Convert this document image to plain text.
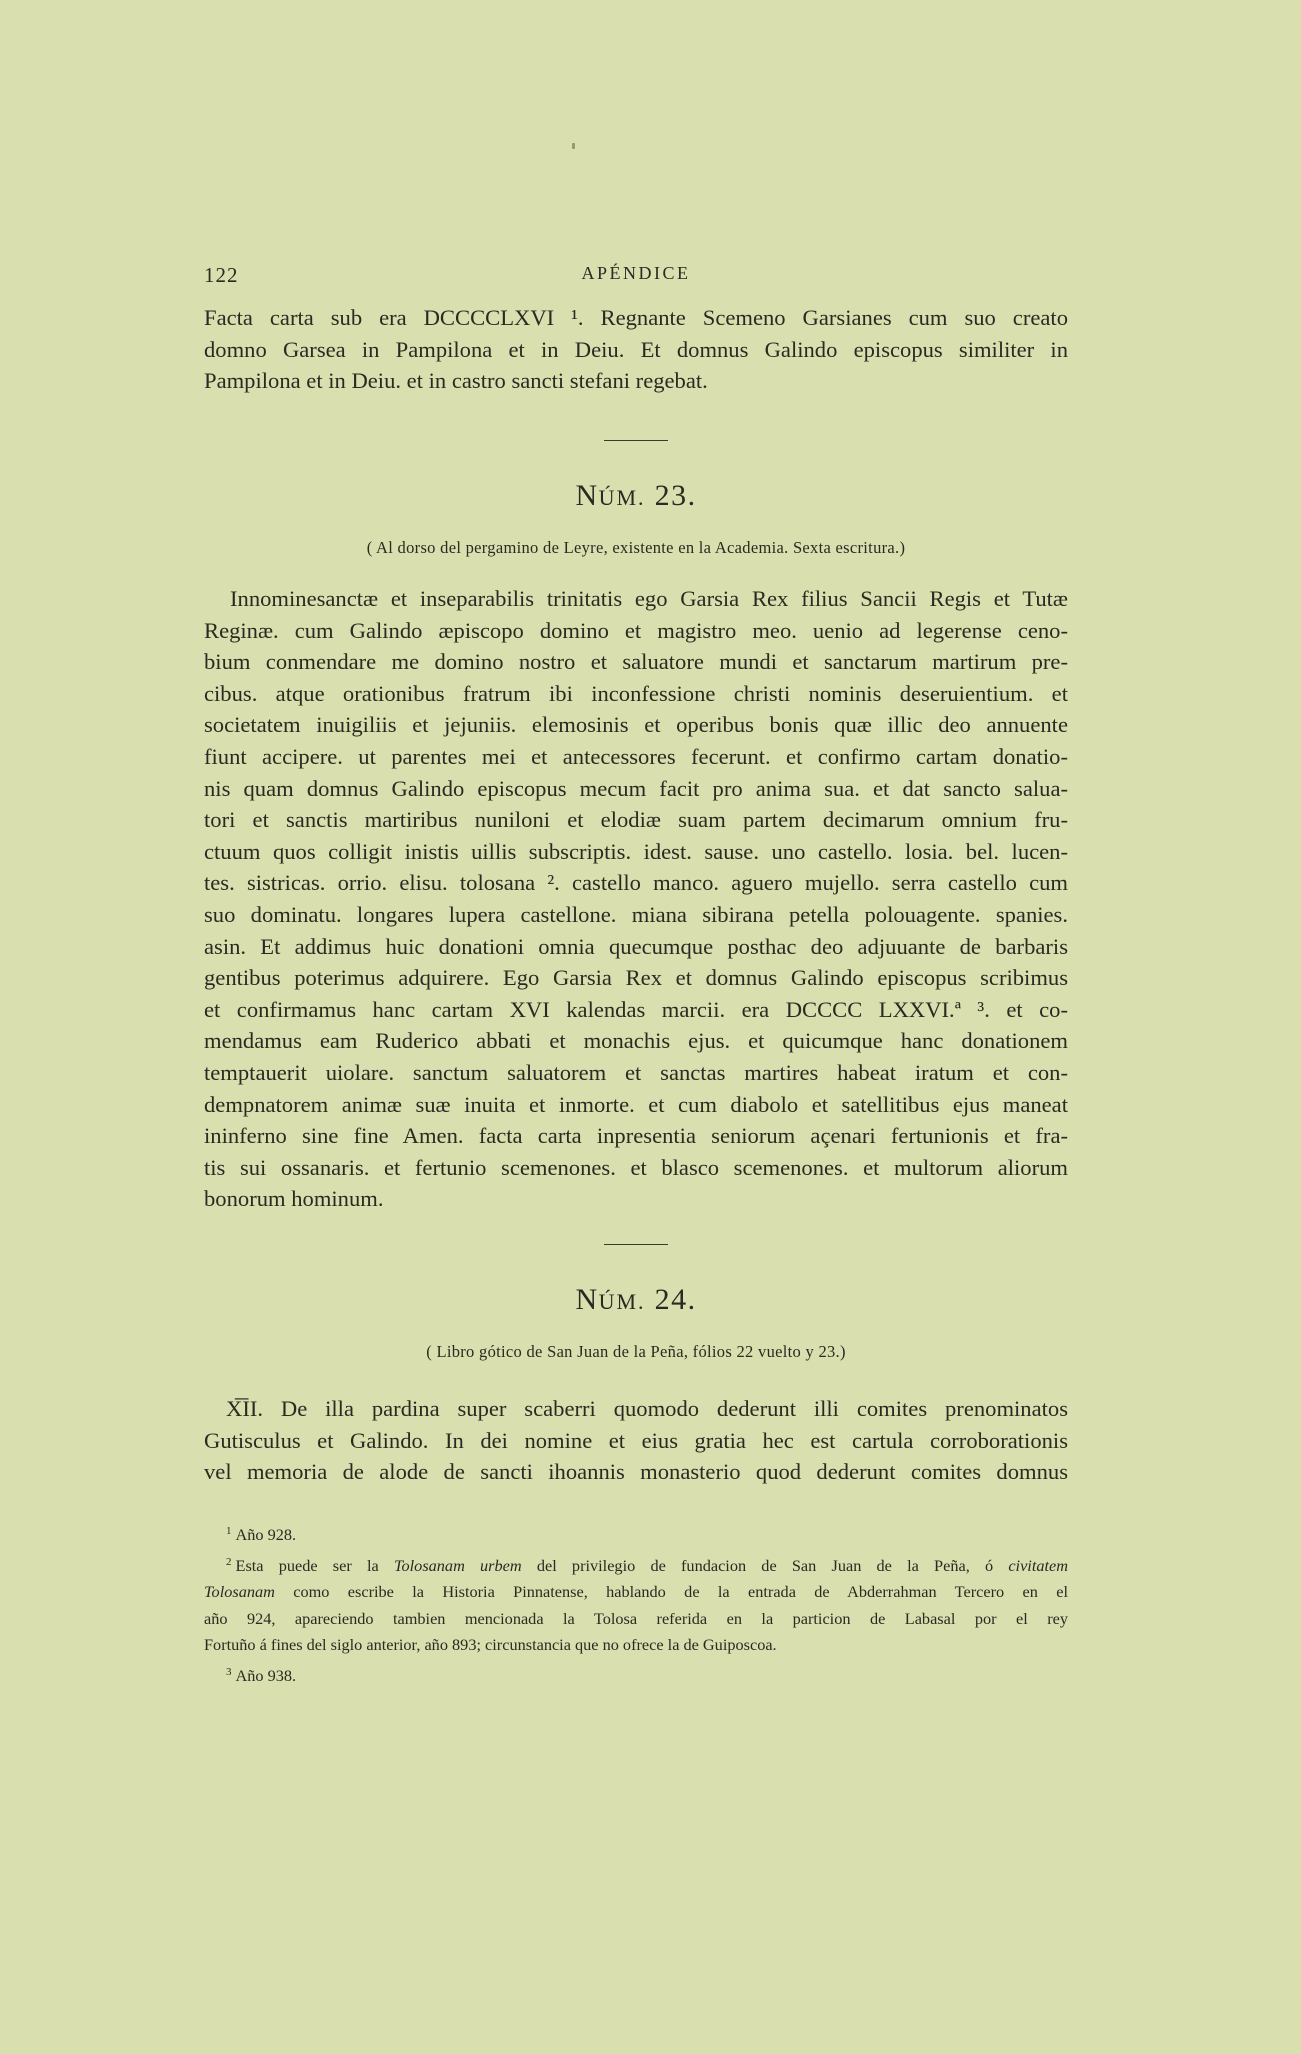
122	APÉNDICE

Facta carta sub era DCCCCLXVI ¹. Regnante Scemeno Garsianes cum suo creato
domno Garsea in Pampilona et in Deiu. Et domnus Galindo episcopus similiter in
Pampilona et in Deiu. et in castro sancti stefani regebat.

NÚM. 23.
( Al dorso del pergamino de Leyre, existente en la Academia. Sexta escritura.)

Innominesanctæ et inseparabilis trinitatis ego Garsia Rex filius Sancii Regis et Tutæ
Reginæ. cum Galindo æpiscopo domino et magistro meo. uenio ad legerense ceno-
bium conmendare me domino nostro et saluatore mundi et sanctarum martirum pre-
cibus. atque orationibus fratrum ibi inconfessione christi nominis deseruientium. et
societatem inuigiliis et jejuniis. elemosinis et operibus bonis quæ illic deo annuente
fiunt accipere. ut parentes mei et antecessores fecerunt. et confirmo cartam donatio-
nis quam domnus Galindo episcopus mecum facit pro anima sua. et dat sancto salua-
tori et sanctis martiribus nuniloni et elodiæ suam partem decimarum omnium fru-
ctuum quos colligit inistis uillis subscriptis. idest. sause. uno castello. losia. bel. lucen-
tes. sistricas. orrio. elisu. tolosana ². castello manco. aguero mujello. serra castello cum
suo dominatu. longares lupera castellone. miana sibirana petella polouagente. spanies.
asin. Et addimus huic donationi omnia quecumque posthac deo adjuuante de barbaris
gentibus poterimus adquirere. Ego Garsia Rex et domnus Galindo episcopus scribimus
et confirmamus hanc cartam XVI kalendas marcii. era DCCCC LXXVI.ª ³. et co-
mendamus eam Ruderico abbati et monachis ejus. et quicumque hanc donationem
temptauerit uiolare. sanctum saluatorem et sanctas martires habeat iratum et con-
dempnatorem animæ suæ inuita et inmorte. et cum diabolo et satellitibus ejus maneat
ininferno sine fine Amen. facta carta inpresentia seniorum açenari fertunionis et fra-
tis sui ossanaris. et fertunio scemenones. et blasco scemenones. et multorum aliorum
bonorum hominum.

NÚM. 24.
( Libro gótico de San Juan de la Peña, fólios 22 vuelto y 23.)

X͞II. De illa pardina super scaberri quomodo dederunt illi comites prenominatos
Gutisculus et Galindo. In dei nomine et eius gratia hec est cartula corroborationis
vel memoria de alode de sancti ihoannis monasterio quod dederunt comites domnus

$^1$ Año 928.
$^2$ Esta puede ser la Tolosanam urbem del privilegio de fundacion de San Juan de la Peña, ó civitatem
Tolosanam como escribe la Historia Pinnatense, hablando de la entrada de Abderrahman Tercero en el
año 924, apareciendo tambien mencionada la Tolosa referida en la particion de Labasal por el rey
Fortuño á fines del siglo anterior, año 893; circunstancia que no ofrece la de Guiposcoa.
$^3$ Año 938.
